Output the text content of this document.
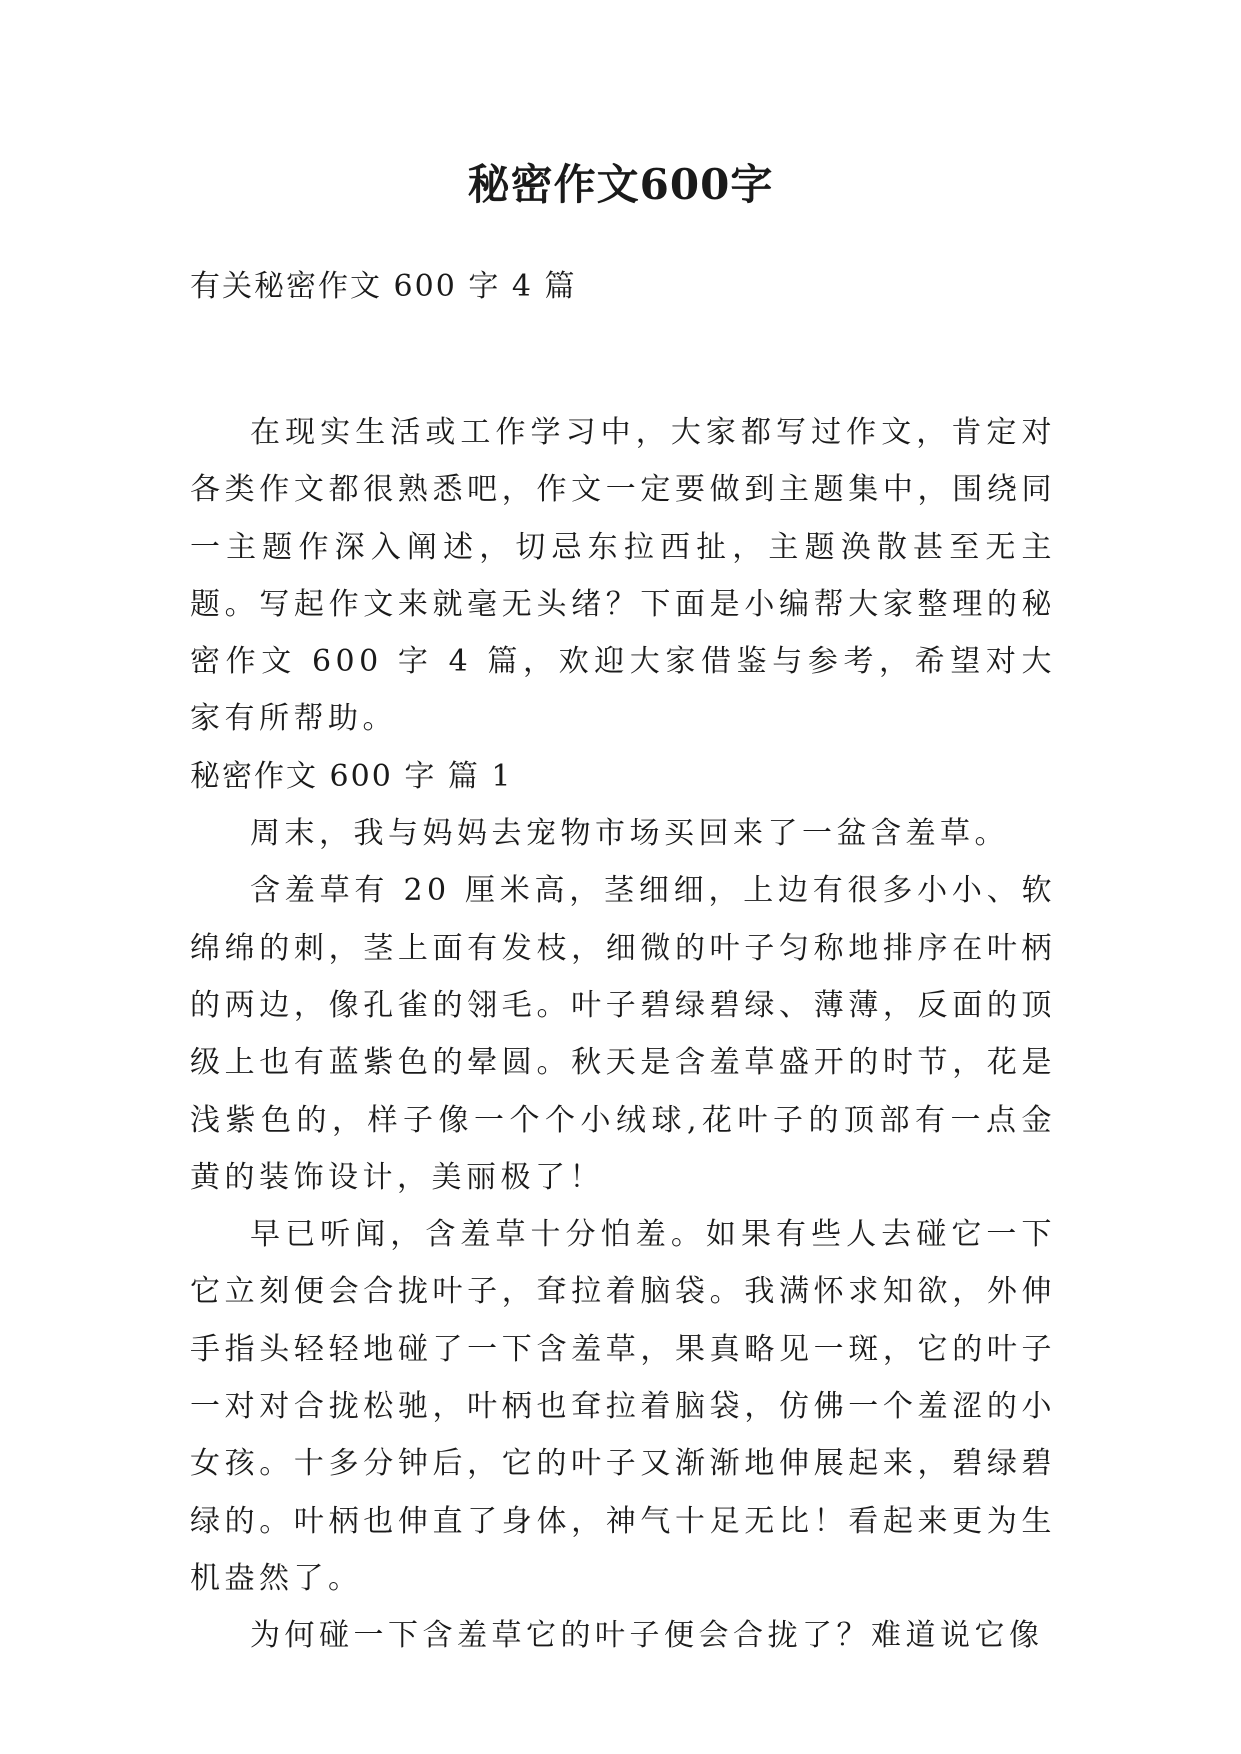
秘密作文600字
有关秘密作文 600 字 4 篇

在现实生活或工作学习中，大家都写过作文，肯定对各类作文都很熟悉吧，作文一定要做到主题集中，围绕同一主题作深入阐述，切忌东拉西扯，主题涣散甚至无主题。写起作文来就毫无头绪？下面是小编帮大家整理的秘密作文 600 字 4 篇，欢迎大家借鉴与参考，希望对大家有所帮助。

秘密作文 600 字 篇 1

周末，我与妈妈去宠物市场买回来了一盆含羞草。

含羞草有 20 厘米高，茎细细，上边有很多小小、软绵绵的刺，茎上面有发枝，细微的叶子匀称地排序在叶柄的两边，像孔雀的翎毛。叶子碧绿碧绿、薄薄，反面的顶级上也有蓝紫色的晕圆。秋天是含羞草盛开的时节，花是浅紫色的，样子像一个个小绒球,花叶子的顶部有一点金黄的装饰设计，美丽极了！

早已听闻，含羞草十分怕羞。如果有些人去碰它一下它立刻便会合拢叶子，耷拉着脑袋。我满怀求知欲，外伸手指头轻轻地碰了一下含羞草，果真略见一斑，它的叶子一对对合拢松驰，叶柄也耷拉着脑袋，仿佛一个羞涩的小女孩。十多分钟后，它的叶子又渐渐地伸展起来，碧绿碧绿的。叶柄也伸直了身体，神气十足无比！看起来更为生机盎然了。

为何碰一下含羞草它的叶子便会合拢了？难道说它像
